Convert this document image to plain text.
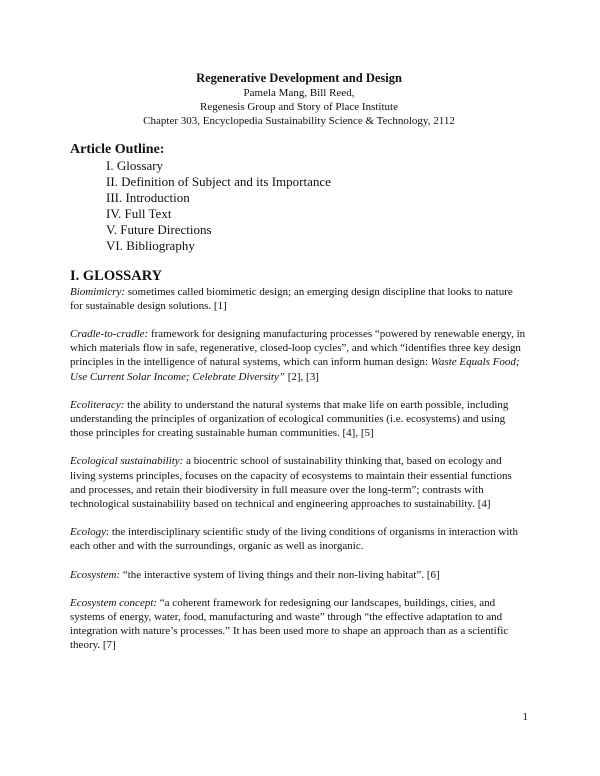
Regenerative Development and Design
Pamela Mang, Bill Reed,
Regenesis Group and Story of Place Institute
Chapter 303, Encyclopedia Sustainability Science & Technology, 2112
Article Outline:
I. Glossary
II. Definition of Subject and its Importance
III. Introduction
IV. Full Text
V. Future Directions
VI. Bibliography
I. GLOSSARY

Biomimicry: sometimes called biomimetic design; an emerging design discipline that looks to nature for sustainable design solutions. [1]

Cradle-to-cradle: framework for designing manufacturing processes “powered by renewable energy, in which materials flow in safe, regenerative, closed-loop cycles”, and which “identifies three key design principles in the intelligence of natural systems, which can inform human design: Waste Equals Food; Use Current Solar Income; Celebrate Diversity” [2], [3]

Ecoliteracy: the ability to understand the natural systems that make life on earth possible, including understanding the principles of organization of ecological communities (i.e. ecosystems) and using those principles for creating sustainable human communities. [4], [5]

Ecological sustainability: a biocentric school of sustainability thinking that, based on ecology and living systems principles, focuses on the capacity of ecosystems to maintain their essential functions and processes, and retain their biodiversity in full measure over the long-term”; contrasts with technological sustainability based on technical and engineering approaches to sustainability. [4]

Ecology: the interdisciplinary scientific study of the living conditions of organisms in interaction with each other and with the surroundings, organic as well as inorganic.

Ecosystem: “the interactive system of living things and their non-living habitat”. [6]

Ecosystem concept: “a coherent framework for redesigning our landscapes, buildings, cities, and systems of energy, water, food, manufacturing and waste” through “the effective adaptation to and integration with nature’s processes.” It has been used more to shape an approach than as a scientific theory. [7]

1
